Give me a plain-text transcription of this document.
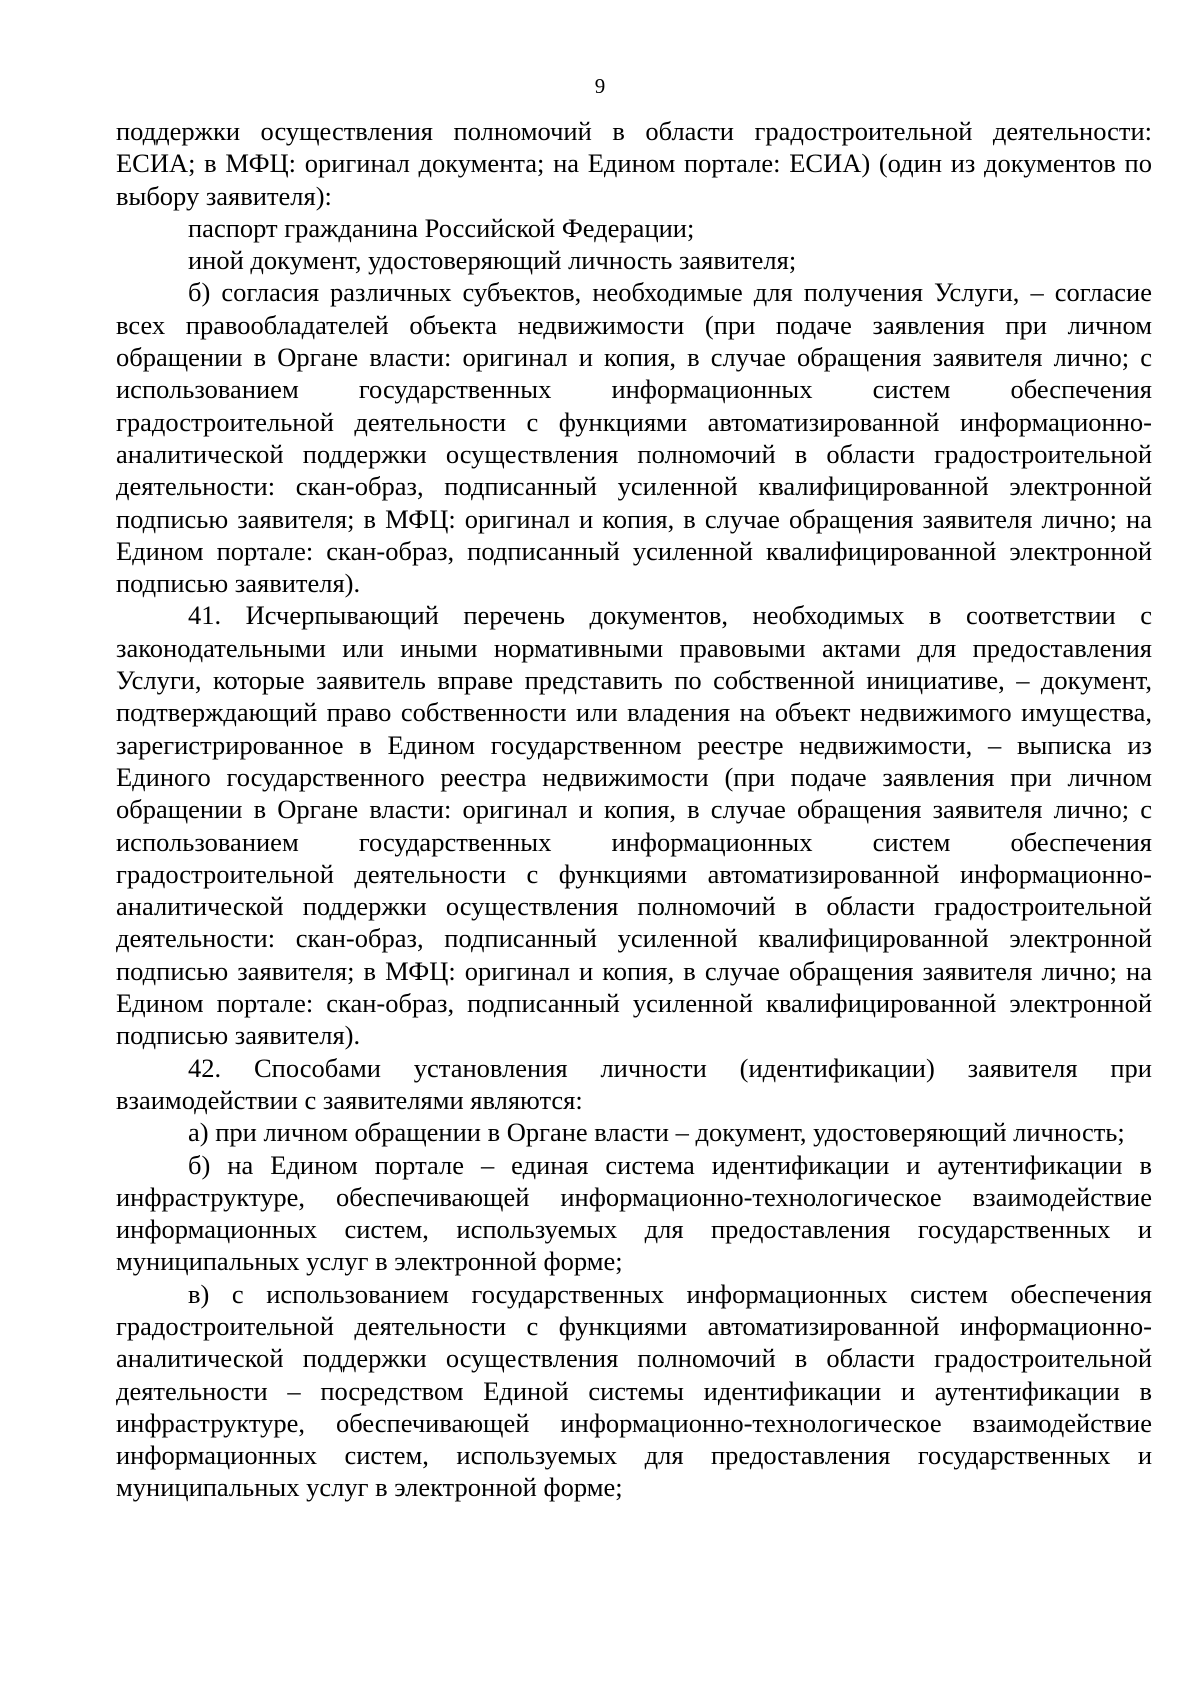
9

поддержки осуществления полномочий в области градостроительной деятельности: ЕСИА; в МФЦ: оригинал документа; на Едином портале: ЕСИА) (один из документов по выбору заявителя):

паспорт гражданина Российской Федерации;

иной документ, удостоверяющий личность заявителя;

б) согласия различных субъектов, необходимые для получения Услуги, – согласие всех правообладателей объекта недвижимости (при подаче заявления при личном обращении в Органе власти: оригинал и копия, в случае обращения заявителя лично; с использованием государственных информационных систем обеспечения градостроительной деятельности с функциями автоматизированной информационно-аналитической поддержки осуществления полномочий в области градостроительной деятельности: скан-образ, подписанный усиленной квалифицированной электронной подписью заявителя; в МФЦ: оригинал и копия, в случае обращения заявителя лично; на Едином портале: скан-образ, подписанный усиленной квалифицированной электронной подписью заявителя).

41. Исчерпывающий перечень документов, необходимых в соответствии с законодательными или иными нормативными правовыми актами для предоставления Услуги, которые заявитель вправе представить по собственной инициативе, – документ, подтверждающий право собственности или владения на объект недвижимого имущества, зарегистрированное в Едином государственном реестре недвижимости, – выписка из Единого государственного реестра недвижимости (при подаче заявления при личном обращении в Органе власти: оригинал и копия, в случае обращения заявителя лично; с использованием государственных информационных систем обеспечения градостроительной деятельности с функциями автоматизированной информационно-аналитической поддержки осуществления полномочий в области градостроительной деятельности: скан-образ, подписанный усиленной квалифицированной электронной подписью заявителя; в МФЦ: оригинал и копия, в случае обращения заявителя лично; на Едином портале: скан-образ, подписанный усиленной квалифицированной электронной подписью заявителя).

42. Способами установления личности (идентификации) заявителя при взаимодействии с заявителями являются:

а) при личном обращении в Органе власти – документ, удостоверяющий личность;

б) на Едином портале – единая система идентификации и аутентификации в инфраструктуре, обеспечивающей информационно-технологическое взаимодействие информационных систем, используемых для предоставления государственных и муниципальных услуг в электронной форме;

в) с использованием государственных информационных систем обеспечения градостроительной деятельности с функциями автоматизированной информационно-аналитической поддержки осуществления полномочий в области градостроительной деятельности – посредством Единой системы идентификации и аутентификации в инфраструктуре, обеспечивающей информационно-технологическое взаимодействие информационных систем, используемых для предоставления государственных и муниципальных услуг в электронной форме;
